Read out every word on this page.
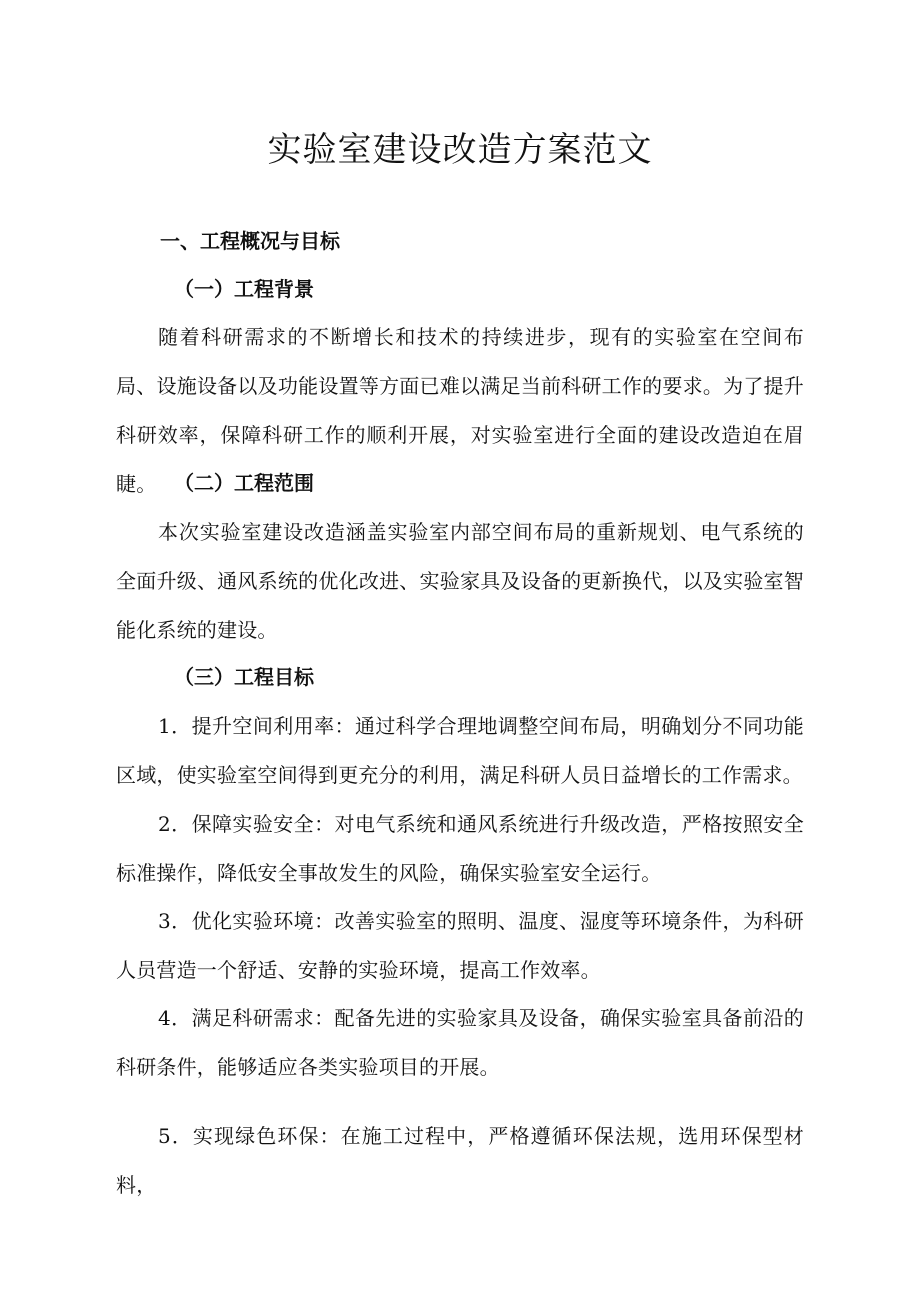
实验室建设改造方案范文
一、工程概况与目标
（一）工程背景

随着科研需求的不断增长和技术的持续进步，现有的实验室在空间布局、设施设备以及功能设置等方面已难以满足当前科研工作的要求。为了提升科研效率，保障科研工作的顺利开展，对实验室进行全面的建设改造迫在眉睫。 （二）工程范围

本次实验室建设改造涵盖实验室内部空间布局的重新规划、电气系统的全面升级、通风系统的优化改进、实验家具及设备的更新换代，以及实验室智能化系统的建设。

（三）工程目标

1．提升空间利用率：通过科学合理地调整空间布局，明确划分不同功能区域，使实验室空间得到更充分的利用，满足科研人员日益增长的工作需求。

2．保障实验安全：对电气系统和通风系统进行升级改造，严格按照安全标准操作，降低安全事故发生的风险，确保实验室安全运行。

3．优化实验环境：改善实验室的照明、温度、湿度等环境条件，为科研人员营造一个舒适、安静的实验环境，提高工作效率。

4．满足科研需求：配备先进的实验家具及设备，确保实验室具备前沿的科研条件，能够适应各类实验项目的开展。

5．实现绿色环保：在施工过程中，严格遵循环保法规，选用环保型材料，
